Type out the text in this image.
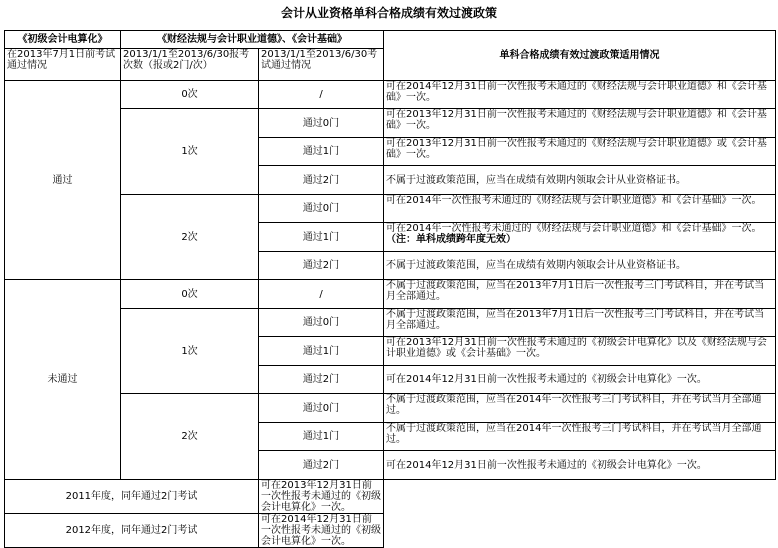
会计从业资格单科合格成绩有效过渡政策
《初级会计电算化》	《财经法规与会计职业道德》、《会计基础》		单科合格成绩有效过渡政策适用情况
在2013年7月1日前考试通过情况	2013/1/1至2013/6/30报考次数（报或2门/次）	2013/1/1至2013/6/30考试通过情况	
通过	0次	/	可在2014年12月31日前一次性报考未通过的《财经法规与会计职业道德》和《会计基础》一次。
	1次	通过0门	可在2013年12月31日前一次性报考未通过的《财经法规与会计职业道德》和《会计基础》一次。
		通过1门	可在2013年12月31日前一次性报考未通过的《财经法规与会计职业道德》或《会计基础》一次。
		通过2门	不属于过渡政策范围，应当在成绩有效期内领取会计从业资格证书。
	2次	通过0门	可在2014年一次性报考未通过的《财经法规与会计职业道德》和《会计基础》一次。
		通过1门	可在2014年一次性报考未通过的《财经法规与会计职业道德》和《会计基础》一次。（注：单科成绩跨年度无效）
		通过2门	不属于过渡政策范围，应当在成绩有效期内领取会计从业资格证书。
未通过	0次	/	不属于过渡政策范围，应当在2013年7月1日后一次性报考三门考试科目，并在考试当月全部通过。
	1次	通过0门	不属于过渡政策范围，应当在2013年7月1日后一次性报考三门考试科目，并在考试当月全部通过。
		通过1门	可在2013年12月31日前一次性报考未通过的《初级会计电算化》以及《财经法规与会计职业道德》或《会计基础》一次。
		通过2门	可在2014年12月31日前一次性报考未通过的《初级会计电算化》一次。
	2次	通过0门	不属于过渡政策范围，应当在2014年一次性报考三门考试科目，并在考试当月全部通过。
		通过1门	不属于过渡政策范围，应当在2014年一次性报考三门考试科目，并在考试当月全部通过。
		通过2门	可在2014年12月31日前一次性报考未通过的《初级会计电算化》一次。
2011年度，同年通过2门考试		可在2013年12月31日前一次性报考未通过的《初级会计电算化》一次。	
2012年度，同年通过2门考试		可在2014年12月31日前一次性报考未通过的《初级会计电算化》一次。	
